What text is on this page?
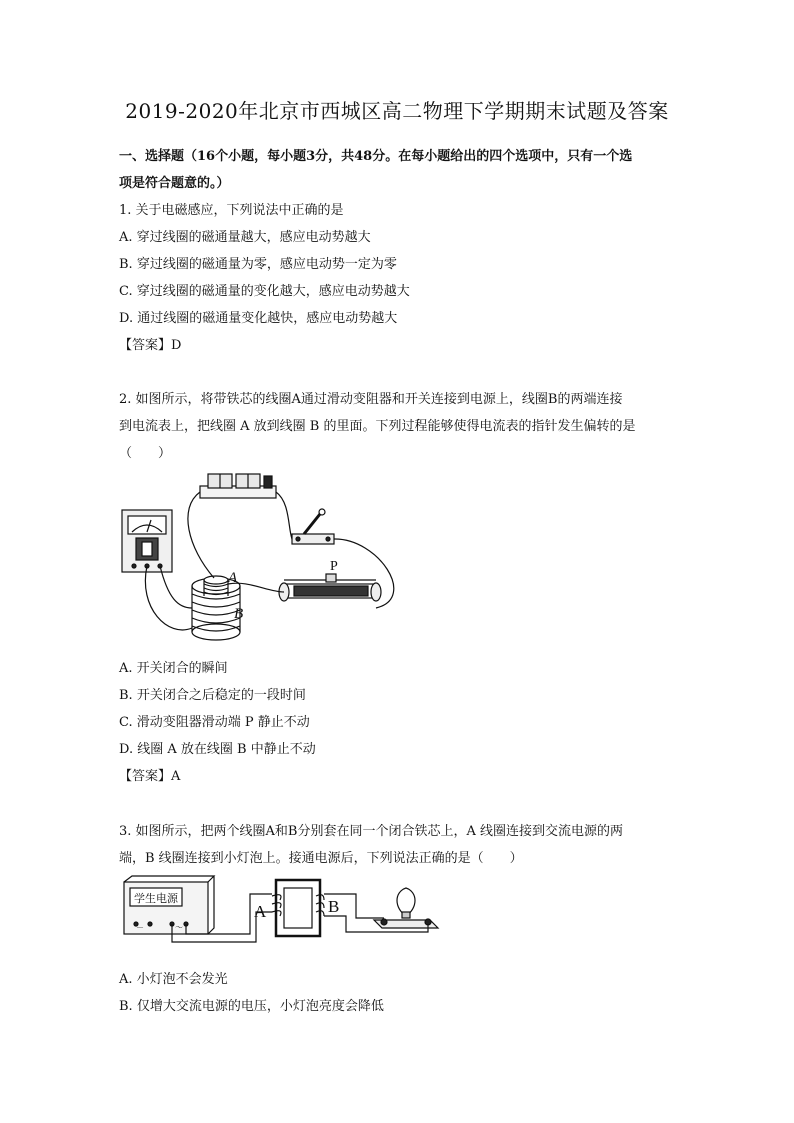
2019-2020年北京市西城区高二物理下学期期末试题及答案
一、选择题（16个小题，每小题3分，共48分。在每小题给出的四个选项中，只有一个选
项是符合题意的。）
1. 关于电磁感应，下列说法中正确的是
A. 穿过线圈的磁通量越大，感应电动势越大
B. 穿过线圈的磁通量为零，感应电动势一定为零
C. 穿过线圈的磁通量的变化越大，感应电动势越大
D. 通过线圈的磁通量变化越快，感应电动势越大
【答案】D
2. 如图所示，将带铁芯的线圈A通过滑动变阻器和开关连接到电源上，线圈B的两端连接
到电流表上，把线圈 A 放到线圈 B 的里面。下列过程能够使得电流表的指针发生偏转的是
（　　）
A
B
P
A. 开关闭合的瞬间
B. 开关闭合之后稳定的一段时间
C. 滑动变阻器滑动端 P 静止不动
D. 线圈 A 放在线圈 B 中静止不动
【答案】A
3. 如图所示，把两个线圈A和B分别套在同一个闭合铁芯上，A 线圈连接到交流电源的两
端，B 线圈连接到小灯泡上。接通电源后，下列说法正确的是（　　）
学生电源
－	～
A	B
A. 小灯泡不会发光
B. 仅增大交流电源的电压，小灯泡亮度会降低
